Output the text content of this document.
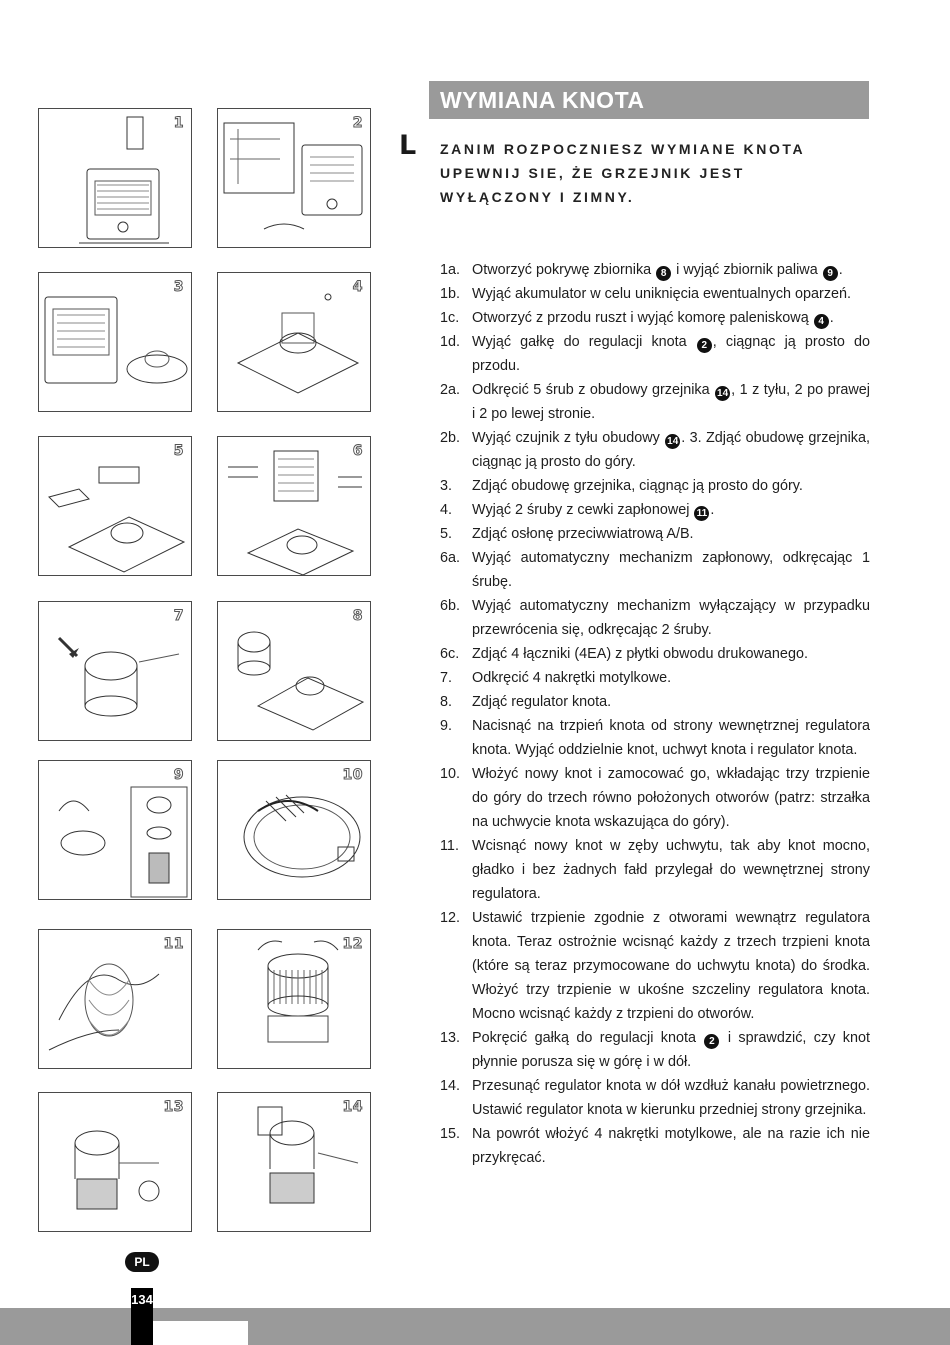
WYMIANA KNOTA
L ZANIM ROZPOCZNIESZ WYMIANE KNOTA UPEWNIJ SIE, ŻE GRZEJNIK JEST WYŁĄCZONY I ZIMNY.
1	2
3	4
5	6
7	8
9	10
11	12
13	14
1a. Otworzyć pokrywę zbiornika 8 i wyjąć zbiornik paliwa 9 .
1b. Wyjąć akumulator w celu uniknięcia ewentualnych oparzeń.
1c. Otworzyć z przodu ruszt i wyjąć komorę paleniskową 4 .
1d. Wyjąć gałkę do regulacji knota 2 , ciągnąc ją prosto do przodu.
2a. Odkręcić 5 śrub z obudowy grzejnika 14 , 1 z tyłu, 2 po prawej i 2 po lewej stronie.
2b. Wyjąć czujnik z tyłu obudowy 14 . 3. Zdjąć obudowę grzejnika, ciągnąc ją prosto do góry.
3.	Zdjąć obudowę grzejnika, ciągnąc ją prosto do góry.
4.	Wyjąć 2 śruby z cewki zapłonowej 11 .
5.	Zdjąć osłonę przeciwwiatrową A/B.
6a. Wyjąć automatyczny mechanizm zapłonowy, odkręcając 1 śrubę.
6b. Wyjąć automatyczny mechanizm wyłączający w przypadku przewrócenia się, odkręcając 2 śruby.
6c. Zdjąć 4 łączniki (4EA) z płytki obwodu drukowanego.
7.	Odkręcić 4 nakrętki motylkowe.
8.	Zdjąć regulator knota.
9.	Nacisnąć na trzpień knota od strony wewnętrznej regulatora knota. Wyjąć oddzielnie knot, uchwyt knota i regulator knota.
10. Włożyć nowy knot i zamocować go, wkładając trzy trzpienie do góry do trzech równo położonych otworów (patrz: strzałka na uchwycie knota wskazująca do góry).
11. Wcisnąć nowy knot w zęby uchwytu, tak aby knot mocno, gładko i bez żadnych fałd przylegał do wewnętrznej strony regulatora.
12. Ustawić trzpienie zgodnie z otworami wewnątrz regulatora knota. Teraz ostrożnie wcisnąć każdy z trzech trzpieni knota (które są teraz przymocowane do uchwytu knota) do środka. Włożyć trzy trzpienie w ukośne szczeliny regulatora knota. Mocno wcisnąć każdy z trzpieni do otworów.
13. Pokręcić gałką do regulacji knota 2 i sprawdzić, czy knot płynnie porusza się w górę i w dół.
14. Przesunąć regulator knota w dół wzdłuż kanału powietrznego. Ustawić regulator knota w kierunku przedniej strony grzejnika.
15. Na powrót włożyć 4 nakrętki motylkowe, ale na razie ich nie przykręcać.
PL
134
